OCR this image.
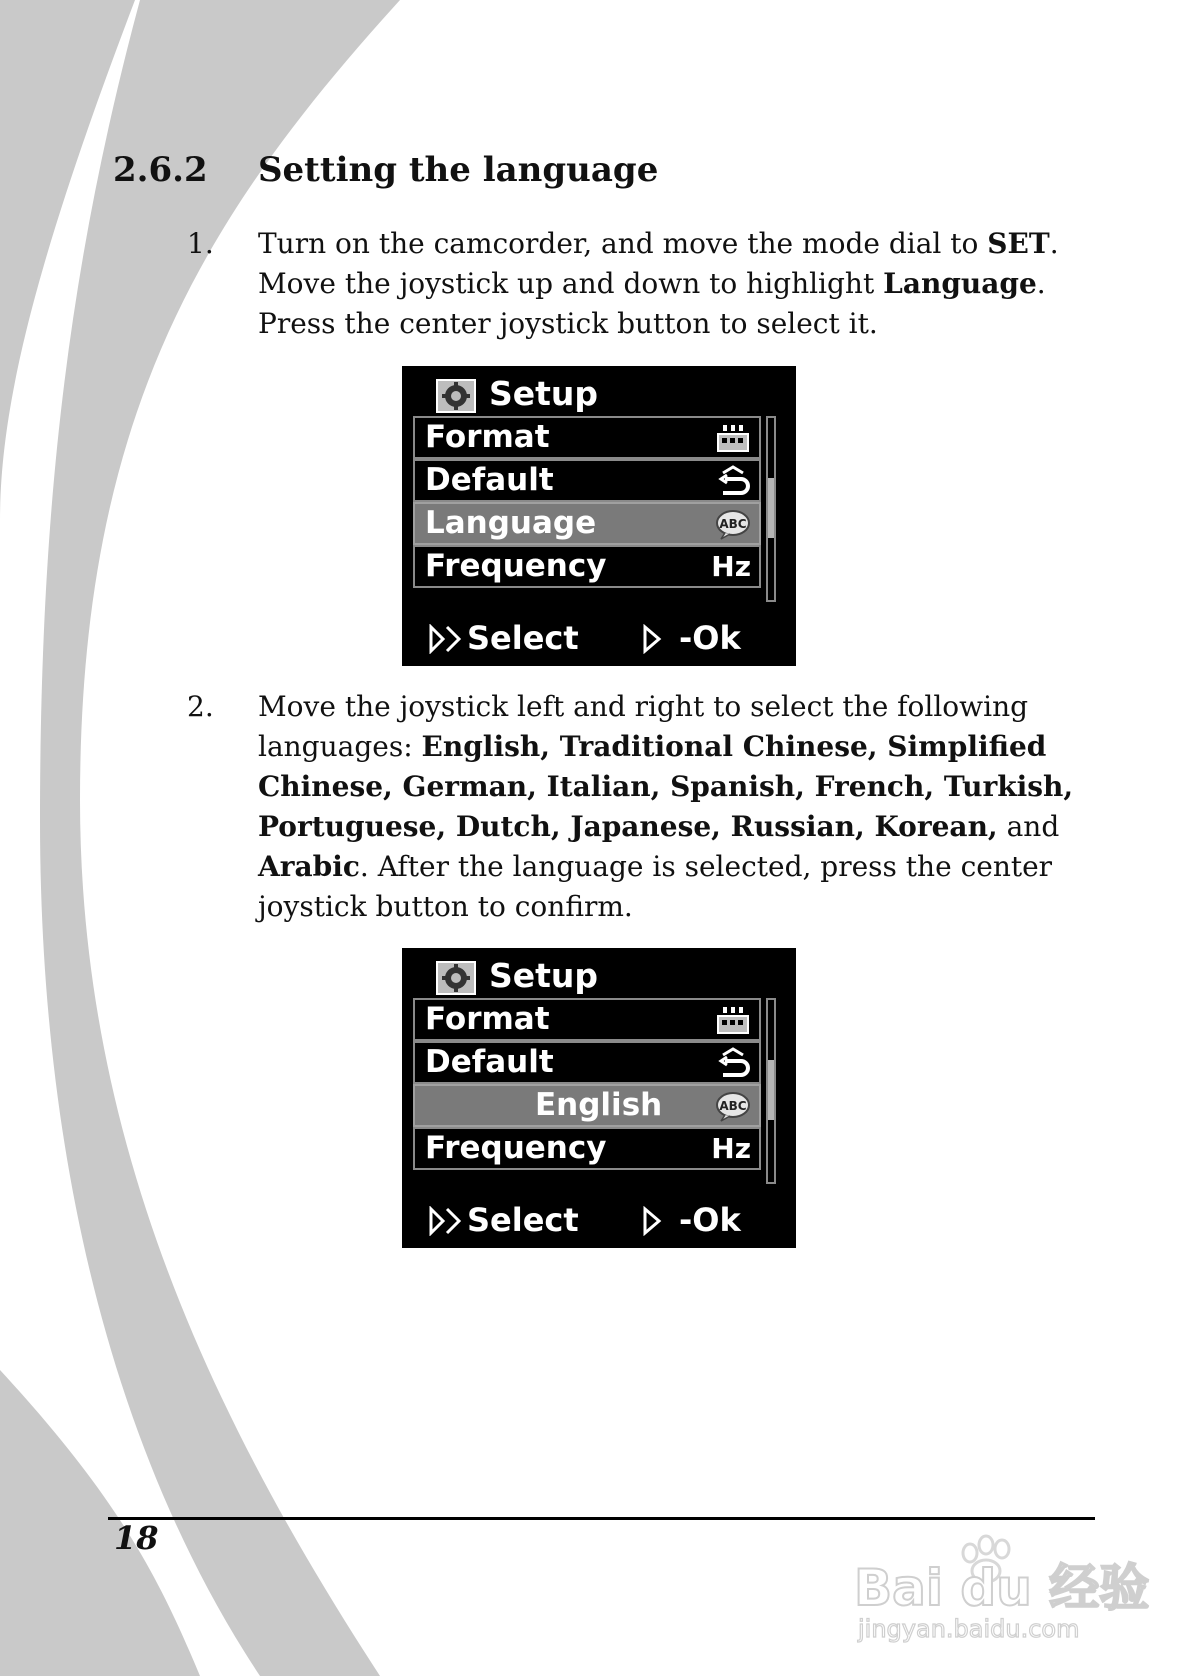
2.6.2 Setting the language
1. Turn on the camcorder, and move the mode dial to SET. Move the joystick up and down to highlight Language. Press the center joystick button to select it.
Setup
Format
Default
Language	ABC
Frequency	Hz
Select	-Ok
2. Move the joystick left and right to select the following languages: English, Traditional Chinese, Simplified Chinese, German, Italian, Spanish, French, Turkish, Portuguese, Dutch, Japanese, Russian, Korean, and Arabic. After the language is selected, press the center joystick button to confirm.
Setup
Format
Default
English	ABC
Frequency	Hz
Select	-Ok
18
Bai du 经验
jingyan.baidu.com
